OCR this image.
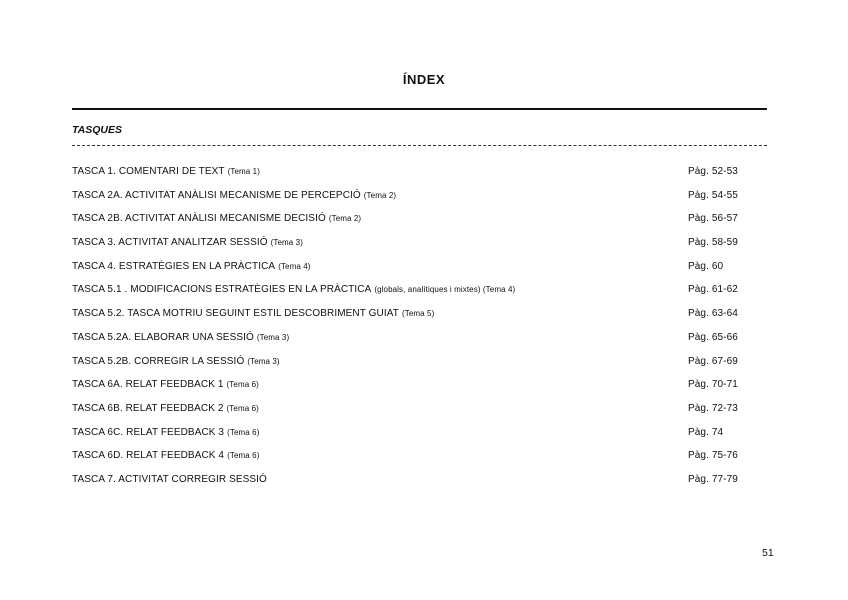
ÍNDEX
TASQUES
TASCA 1. COMENTARI DE TEXT (Tema 1)	Pàg. 52-53
TASCA 2A. ACTIVITAT ANÀLISI MECANISME DE PERCEPCIÓ (Tema 2)	Pàg. 54-55
TASCA 2B. ACTIVITAT ANÀLISI MECANISME DECISIÓ (Tema 2)	Pàg. 56-57
TASCA 3. ACTIVITAT ANALITZAR SESSIÓ (Tema 3)	Pàg. 58-59
TASCA 4. ESTRATÈGIES EN LA PRÀCTICA (Tema 4)	Pàg. 60
TASCA 5.1 . MODIFICACIONS ESTRATÈGIES EN LA PRÀCTICA (globals, analítiques i mixtes) (Tema 4)	Pàg. 61-62
TASCA 5.2. TASCA MOTRIU SEGUINT ESTIL DESCOBRIMENT GUIAT (Tema 5)	Pàg. 63-64
TASCA 5.2A. ELABORAR UNA SESSIÓ (Tema 3)	Pàg. 65-66
TASCA 5.2B. CORREGIR LA SESSIÓ (Tema 3)	Pàg. 67-69
TASCA 6A. RELAT FEEDBACK 1 (Tema 6)	Pàg. 70-71
TASCA 6B. RELAT FEEDBACK 2 (Tema 6)	Pàg. 72-73
TASCA 6C. RELAT FEEDBACK 3 (Tema 6)	Pàg. 74
TASCA 6D. RELAT FEEDBACK 4 (Tema 6)	Pàg. 75-76
TASCA 7. ACTIVITAT CORREGIR SESSIÓ	Pàg. 77-79
51
